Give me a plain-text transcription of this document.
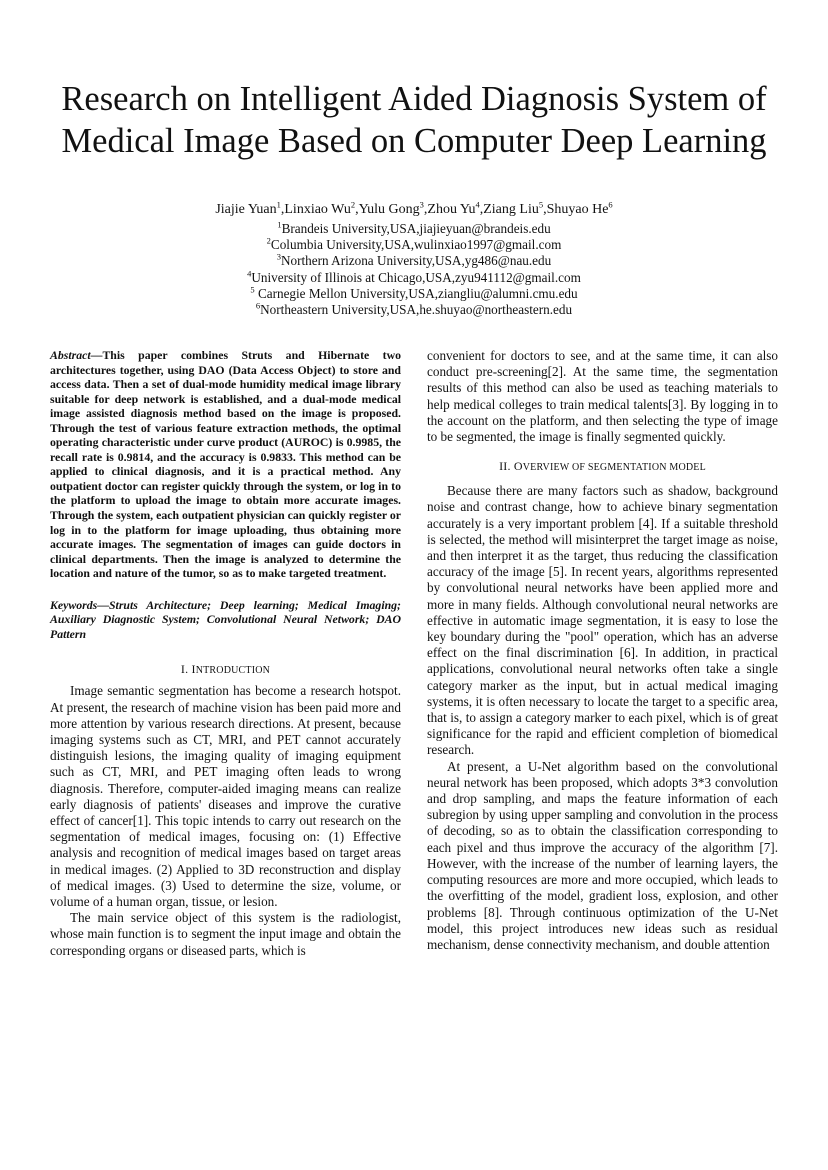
Research on Intelligent Aided Diagnosis System of Medical Image Based on Computer Deep Learning
Jiajie Yuan$^1$,Linxiao Wu$^2$,Yulu Gong$^3$,Zhou Yu$^4$,Ziang Liu$^5$,Shuyao He$^6$
$^1$Brandeis University,USA,jiajieyuan@brandeis.edu
$^2$Columbia University,USA,wulinxiao1997@gmail.com
$^3$Northern Arizona University,USA,yg486@nau.edu
$^4$University of Illinois at Chicago,USA,zyu941112@gmail.com
$^5$ Carnegie Mellon University,USA,ziangliu@alumni.cmu.edu
$^6$Northeastern University,USA,he.shuyao@northeastern.edu

Abstract—This paper combines Struts and Hibernate two architectures together, using DAO (Data Access Object) to store and access data. Then a set of dual-mode humidity medical image library suitable for deep network is established, and a dual-mode medical image assisted diagnosis method based on the image is proposed. Through the test of various feature extraction methods, the optimal operating characteristic under curve product (AUROC) is 0.9985, the recall rate is 0.9814, and the accuracy is 0.9833. This method can be applied to clinical diagnosis, and it is a practical method. Any outpatient doctor can register quickly through the system, or log in to the platform to upload the image to obtain more accurate images. Through the system, each outpatient physician can quickly register or log in to the platform for image uploading, thus obtaining more accurate images. The segmentation of images can guide doctors in clinical departments. Then the image is analyzed to determine the location and nature of the tumor, so as to make targeted treatment.

Keywords—Struts Architecture; Deep learning; Medical Imaging; Auxiliary Diagnostic System; Convolutional Neural Network; DAO Pattern

I. INTRODUCTION

Image semantic segmentation has become a research hotspot. At present, the research of machine vision has been paid more and more attention by various research directions. At present, because imaging systems such as CT, MRI, and PET cannot accurately distinguish lesions, the imaging quality of imaging equipment such as CT, MRI, and PET imaging often leads to wrong diagnosis. Therefore, computer-aided imaging means can realize early diagnosis of patients' diseases and improve the curative effect of cancer[1]. This topic intends to carry out research on the segmentation of medical images, focusing on: (1) Effective analysis and recognition of medical images based on target areas in medical images. (2) Applied to 3D reconstruction and display of medical images. (3) Used to determine the size, volume, or volume of a human organ, tissue, or lesion.

The main service object of this system is the radiologist, whose main function is to segment the input image and obtain the corresponding organs or diseased parts, which is

convenient for doctors to see, and at the same time, it can also conduct pre-screening[2]. At the same time, the segmentation results of this method can also be used as teaching materials to help medical colleges to train medical talents[3]. By logging in to the account on the platform, and then selecting the type of image to be segmented, the image is finally segmented quickly.

II. OVERVIEW OF SEGMENTATION MODEL

Because there are many factors such as shadow, background noise and contrast change, how to achieve binary segmentation accurately is a very important problem [4]. If a suitable threshold is selected, the method will misinterpret the target image as noise, and then interpret it as the target, thus reducing the classification accuracy of the image [5]. In recent years, algorithms represented by convolutional neural networks have been applied more and more in many fields. Although convolutional neural networks are effective in automatic image segmentation, it is easy to lose the key boundary during the "pool" operation, which has an adverse effect on the final discrimination [6]. In addition, in practical applications, convolutional neural networks often take a single category marker as the input, but in actual medical imaging systems, it is often necessary to locate the target to a specific area, that is, to assign a category marker to each pixel, which is of great significance for the rapid and efficient completion of biomedical research.

At present, a U-Net algorithm based on the convolutional neural network has been proposed, which adopts 3*3 convolution and drop sampling, and maps the feature information of each subregion by using upper sampling and convolution in the process of decoding, so as to obtain the classification corresponding to each pixel and thus improve the accuracy of the algorithm [7]. However, with the increase of the number of learning layers, the computing resources are more and more occupied, which leads to the overfitting of the model, gradient loss, explosion, and other problems [8]. Through continuous optimization of the U-Net model, this project introduces new ideas such as residual mechanism, dense connectivity mechanism, and double attention
